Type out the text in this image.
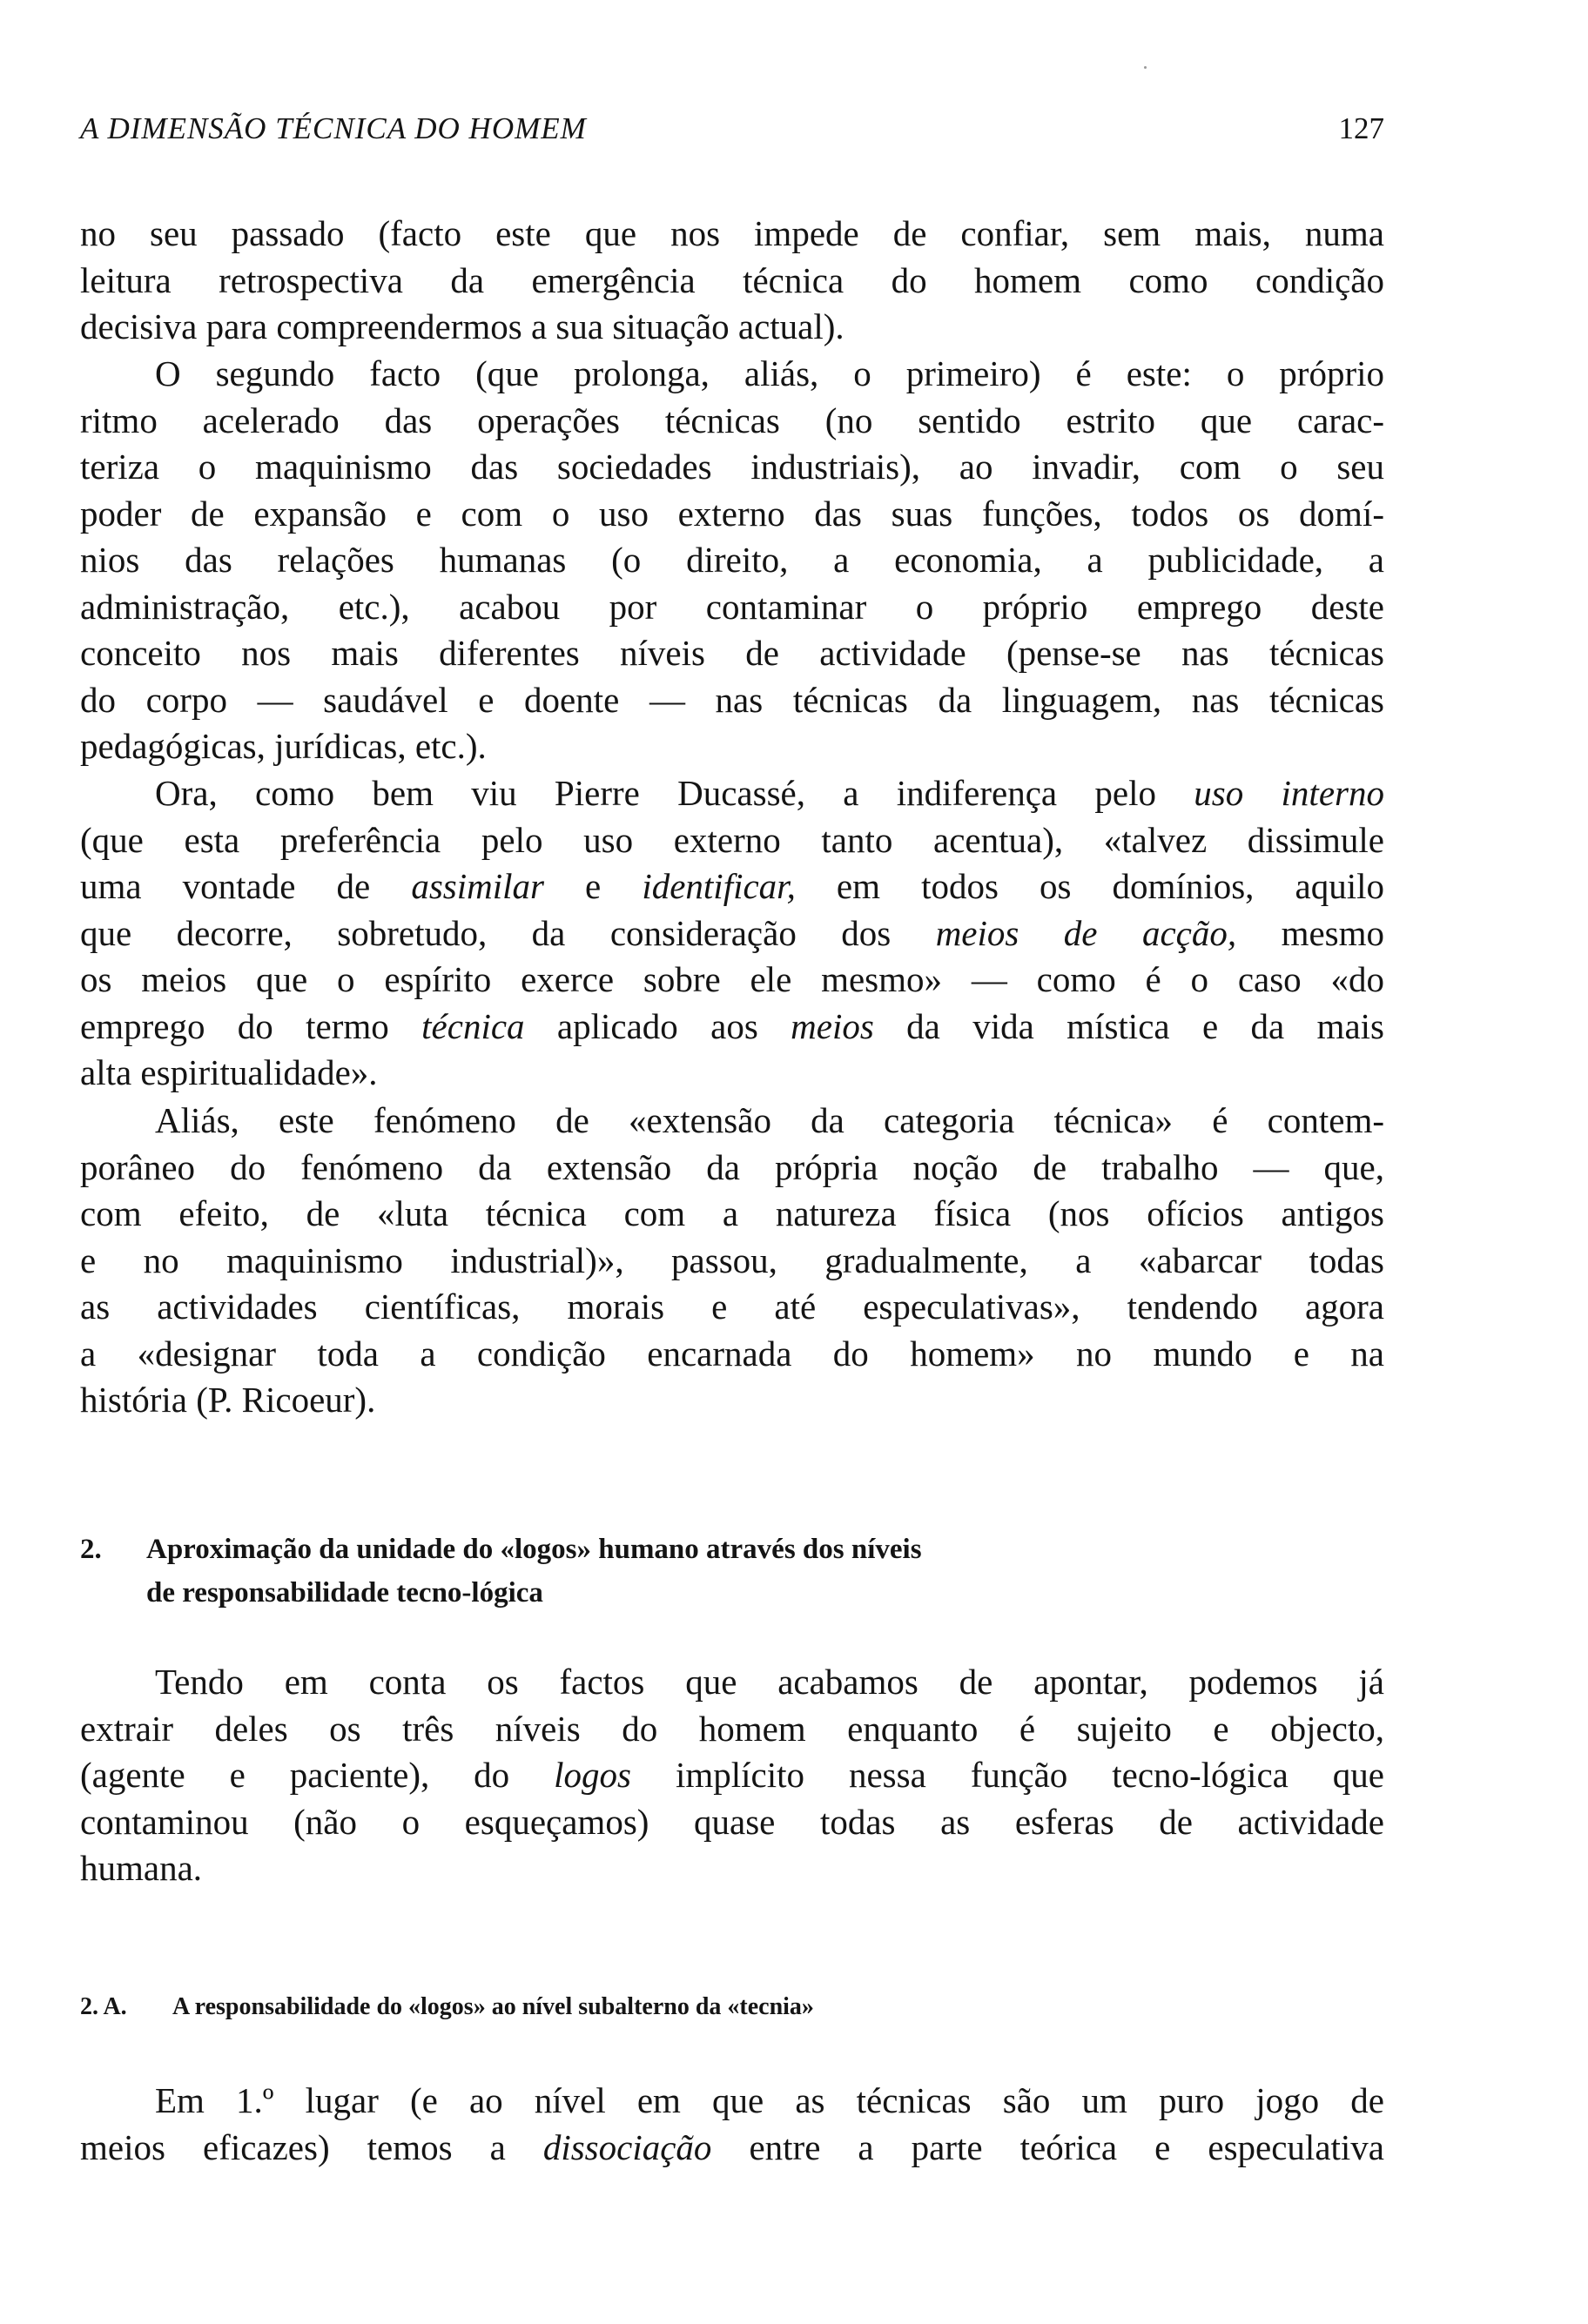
A DIMENSÃO TÉCNICA DO HOMEM	127
no seu passado (facto este que nos impede de confiar, sem mais, numa
leitura retrospectiva da emergência técnica do homem como condição
decisiva para compreendermos a sua situação actual).
O segundo facto (que prolonga, aliás, o primeiro) é este: o próprio
ritmo acelerado das operações técnicas (no sentido estrito que carac-
teriza o maquinismo das sociedades industriais), ao invadir, com o seu
poder de expansão e com o uso externo das suas funções, todos os domí-
nios das relações humanas (o direito, a economia, a publicidade, a
administração, etc.), acabou por contaminar o próprio emprego deste
conceito nos mais diferentes níveis de actividade (pense-se nas técnicas
do corpo — saudável e doente — nas técnicas da linguagem, nas técnicas
pedagógicas, jurídicas, etc.).
Ora, como bem viu Pierre Ducassé, a indiferença pelo uso interno
(que esta preferência pelo uso externo tanto acentua), «talvez dissimule
uma vontade de assimilar e identificar, em todos os domínios, aquilo
que decorre, sobretudo, da consideração dos meios de acção, mesmo
os meios que o espírito exerce sobre ele mesmo» — como é o caso «do
emprego do termo técnica aplicado aos meios da vida mística e da mais
alta espiritualidade».
Aliás, este fenómeno de «extensão da categoria técnica» é contem-
porâneo do fenómeno da extensão da própria noção de trabalho — que,
com efeito, de «luta técnica com a natureza física (nos ofícios antigos
e no maquinismo industrial)», passou, gradualmente, a «abarcar todas
as actividades científicas, morais e até especulativas», tendendo agora
a «designar toda a condição encarnada do homem» no mundo e na
história (P. Ricoeur).
2.	Aproximação da unidade do «logos» humano através dos níveis
de responsabilidade tecno-lógica
Tendo em conta os factos que acabamos de apontar, podemos já
extrair deles os três níveis do homem enquanto é sujeito e objecto,
(agente e paciente), do logos implícito nessa função tecno-lógica que
contaminou (não o esqueçamos) quase todas as esferas de actividade
humana.
2. A. A responsabilidade do «logos» ao nível subalterno da «tecnia»
Em 1.º lugar (e ao nível em que as técnicas são um puro jogo de
meios eficazes) temos a dissociação entre a parte teórica e especulativa
